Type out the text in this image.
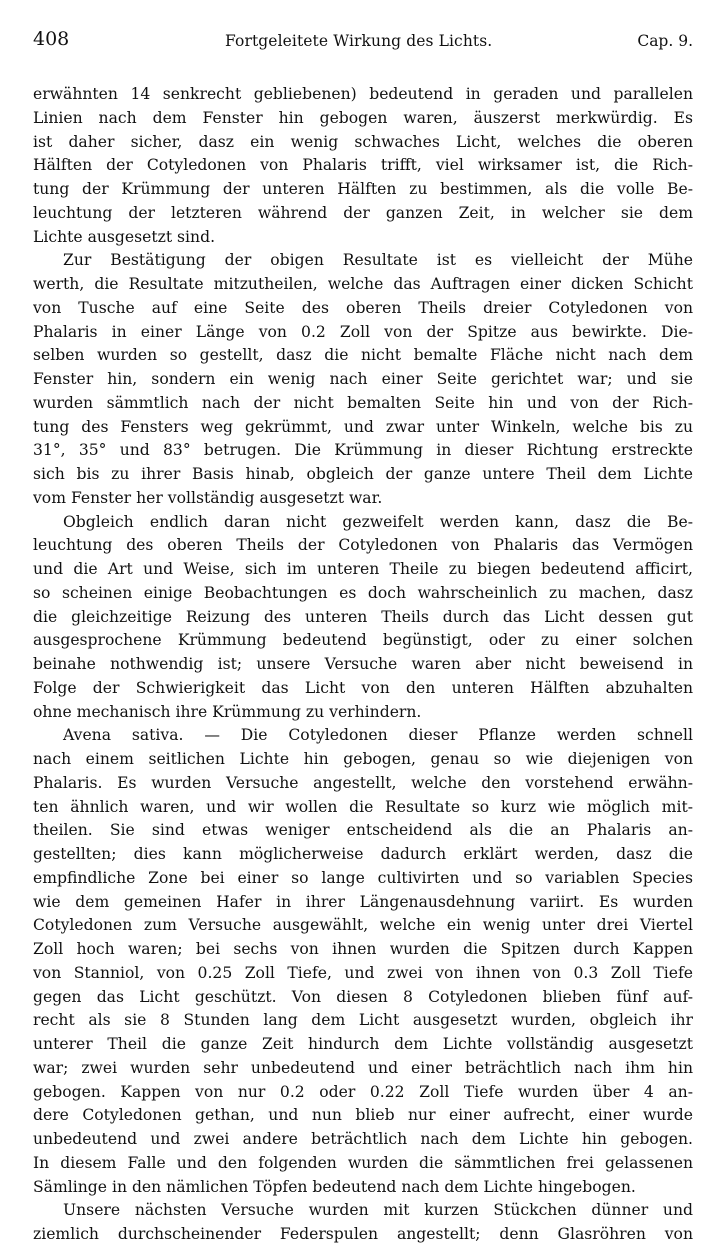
408	Fortgeleitete Wirkung des Lichts.	Cap. 9.
erwähnten 14 senkrecht gebliebenen) bedeutend in geraden und parallelen
Linien nach dem Fenster hin gebogen waren, äuszerst merkwürdig. Es
ist daher sicher, dasz ein wenig schwaches Licht, welches die oberen
Hälften der Cotyledonen von Phalaris trifft, viel wirksamer ist, die Rich-
tung der Krümmung der unteren Hälften zu bestimmen, als die volle Be-
leuchtung der letzteren während der ganzen Zeit, in welcher sie dem
Lichte ausgesetzt sind.
Zur Bestätigung der obigen Resultate ist es vielleicht der Mühe
werth, die Resultate mitzutheilen, welche das Auftragen einer dicken Schicht
von Tusche auf eine Seite des oberen Theils dreier Cotyledonen von
Phalaris in einer Länge von 0.2 Zoll von der Spitze aus bewirkte. Die-
selben wurden so gestellt, dasz die nicht bemalte Fläche nicht nach dem
Fenster hin, sondern ein wenig nach einer Seite gerichtet war; und sie
wurden sämmtlich nach der nicht bemalten Seite hin und von der Rich-
tung des Fensters weg gekrümmt, und zwar unter Winkeln, welche bis zu
31°, 35° und 83° betrugen. Die Krümmung in dieser Richtung erstreckte
sich bis zu ihrer Basis hinab, obgleich der ganze untere Theil dem Lichte
vom Fenster her vollständig ausgesetzt war.
Obgleich endlich daran nicht gezweifelt werden kann, dasz die Be-
leuchtung des oberen Theils der Cotyledonen von Phalaris das Vermögen
und die Art und Weise, sich im unteren Theile zu biegen bedeutend afficirt,
so scheinen einige Beobachtungen es doch wahrscheinlich zu machen, dasz
die gleichzeitige Reizung des unteren Theils durch das Licht dessen gut
ausgesprochene Krümmung bedeutend begünstigt, oder zu einer solchen
beinahe nothwendig ist; unsere Versuche waren aber nicht beweisend in
Folge der Schwierigkeit das Licht von den unteren Hälften abzuhalten
ohne mechanisch ihre Krümmung zu verhindern.
Avena sativa. — Die Cotyledonen dieser Pflanze werden schnell
nach einem seitlichen Lichte hin gebogen, genau so wie diejenigen von
Phalaris. Es wurden Versuche angestellt, welche den vorstehend erwähn-
ten ähnlich waren, und wir wollen die Resultate so kurz wie möglich mit-
theilen. Sie sind etwas weniger entscheidend als die an Phalaris an-
gestellten; dies kann möglicherweise dadurch erklärt werden, dasz die
empfindliche Zone bei einer so lange cultivirten und so variablen Species
wie dem gemeinen Hafer in ihrer Längenausdehnung variirt. Es wurden
Cotyledonen zum Versuche ausgewählt, welche ein wenig unter drei Viertel
Zoll hoch waren; bei sechs von ihnen wurden die Spitzen durch Kappen
von Stanniol, von 0.25 Zoll Tiefe, und zwei von ihnen von 0.3 Zoll Tiefe
gegen das Licht geschützt. Von diesen 8 Cotyledonen blieben fünf auf-
recht als sie 8 Stunden lang dem Licht ausgesetzt wurden, obgleich ihr
unterer Theil die ganze Zeit hindurch dem Lichte vollständig ausgesetzt
war; zwei wurden sehr unbedeutend und einer beträchtlich nach ihm hin
gebogen. Kappen von nur 0.2 oder 0.22 Zoll Tiefe wurden über 4 an-
dere Cotyledonen gethan, und nun blieb nur einer aufrecht, einer wurde
unbedeutend und zwei andere beträchtlich nach dem Lichte hin gebogen.
In diesem Falle und den folgenden wurden die sämmtlichen frei gelassenen
Sämlinge in den nämlichen Töpfen bedeutend nach dem Lichte hingebogen.
Unsere nächsten Versuche wurden mit kurzen Stückchen dünner und
ziemlich durchscheinender Federspulen angestellt; denn Glasröhren von
